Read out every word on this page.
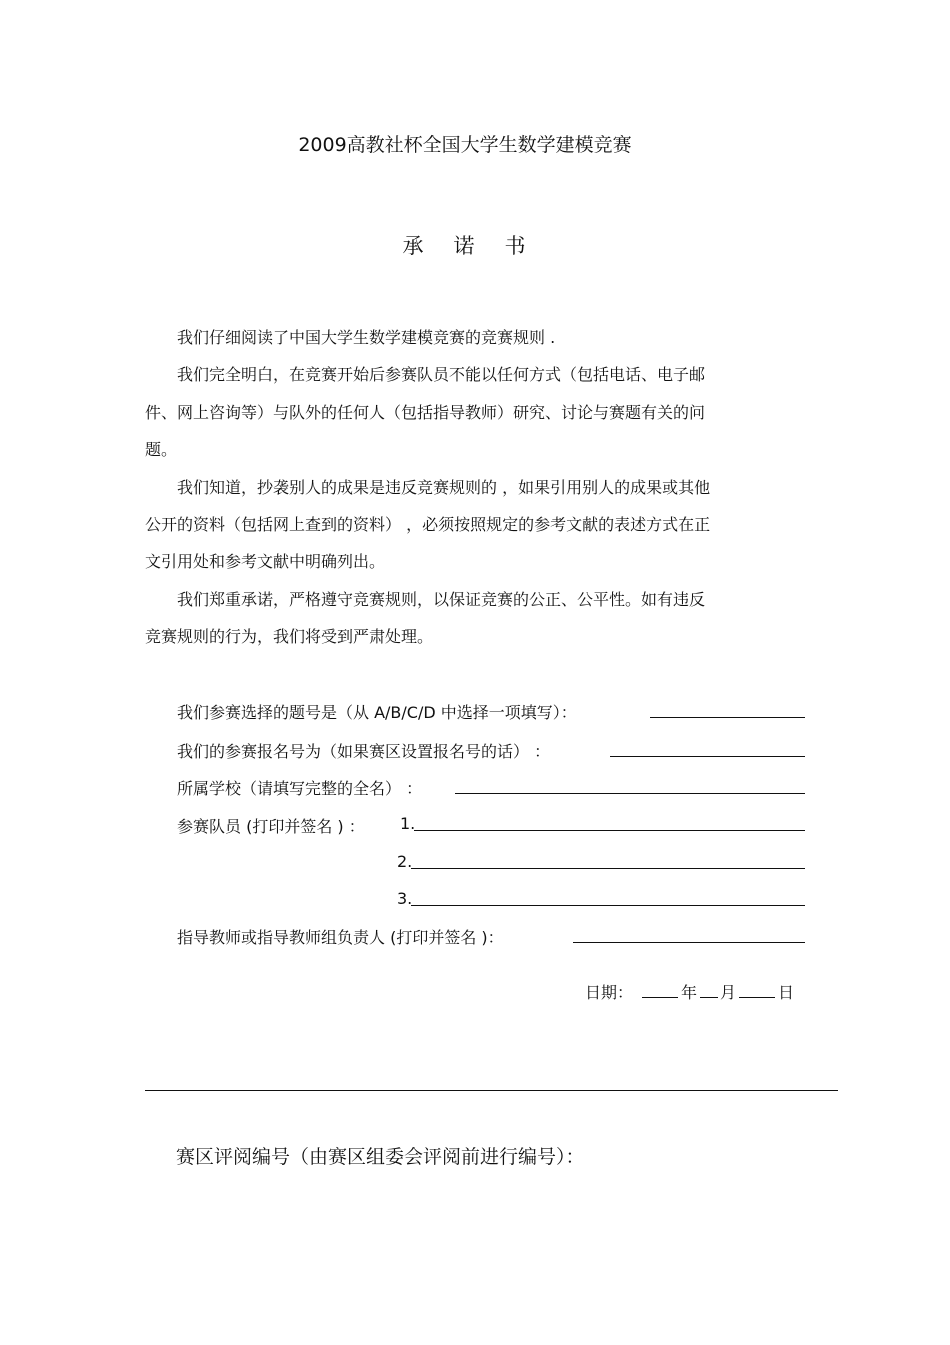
2009高教社杯全国大学生数学建模竞赛
承诺书
我们仔细阅读了中国大学生数学建模竞赛的竞赛规则 .
我们完全明白，在竞赛开始后参赛队员不能以任何方式（包括电话、电子邮
件、网上咨询等）与队外的任何人（包括指导教师）研究、讨论与赛题有关的问
题。
我们知道，抄袭别人的成果是违反竞赛规则的 ，如果引用别人的成果或其他
公开的资料（包括网上查到的资料） ，必须按照规定的参考文献的表述方式在正
文引用处和参考文献中明确列出。
我们郑重承诺，严格遵守竞赛规则，以保证竞赛的公正、公平性。如有违反
竞赛规则的行为，我们将受到严肃处理。
我们参赛选择的题号是（从 A/B/C/D 中选择一项填写）：
我们的参赛报名号为（如果赛区设置报名号的话） ：
所属学校（请填写完整的全名） ：
参赛队员 (打印并签名 ) ： 1.
2.
3.
指导教师或指导教师组负责人 (打印并签名 )：
日期：	年 月	日
赛区评阅编号（由赛区组委会评阅前进行编号）：
